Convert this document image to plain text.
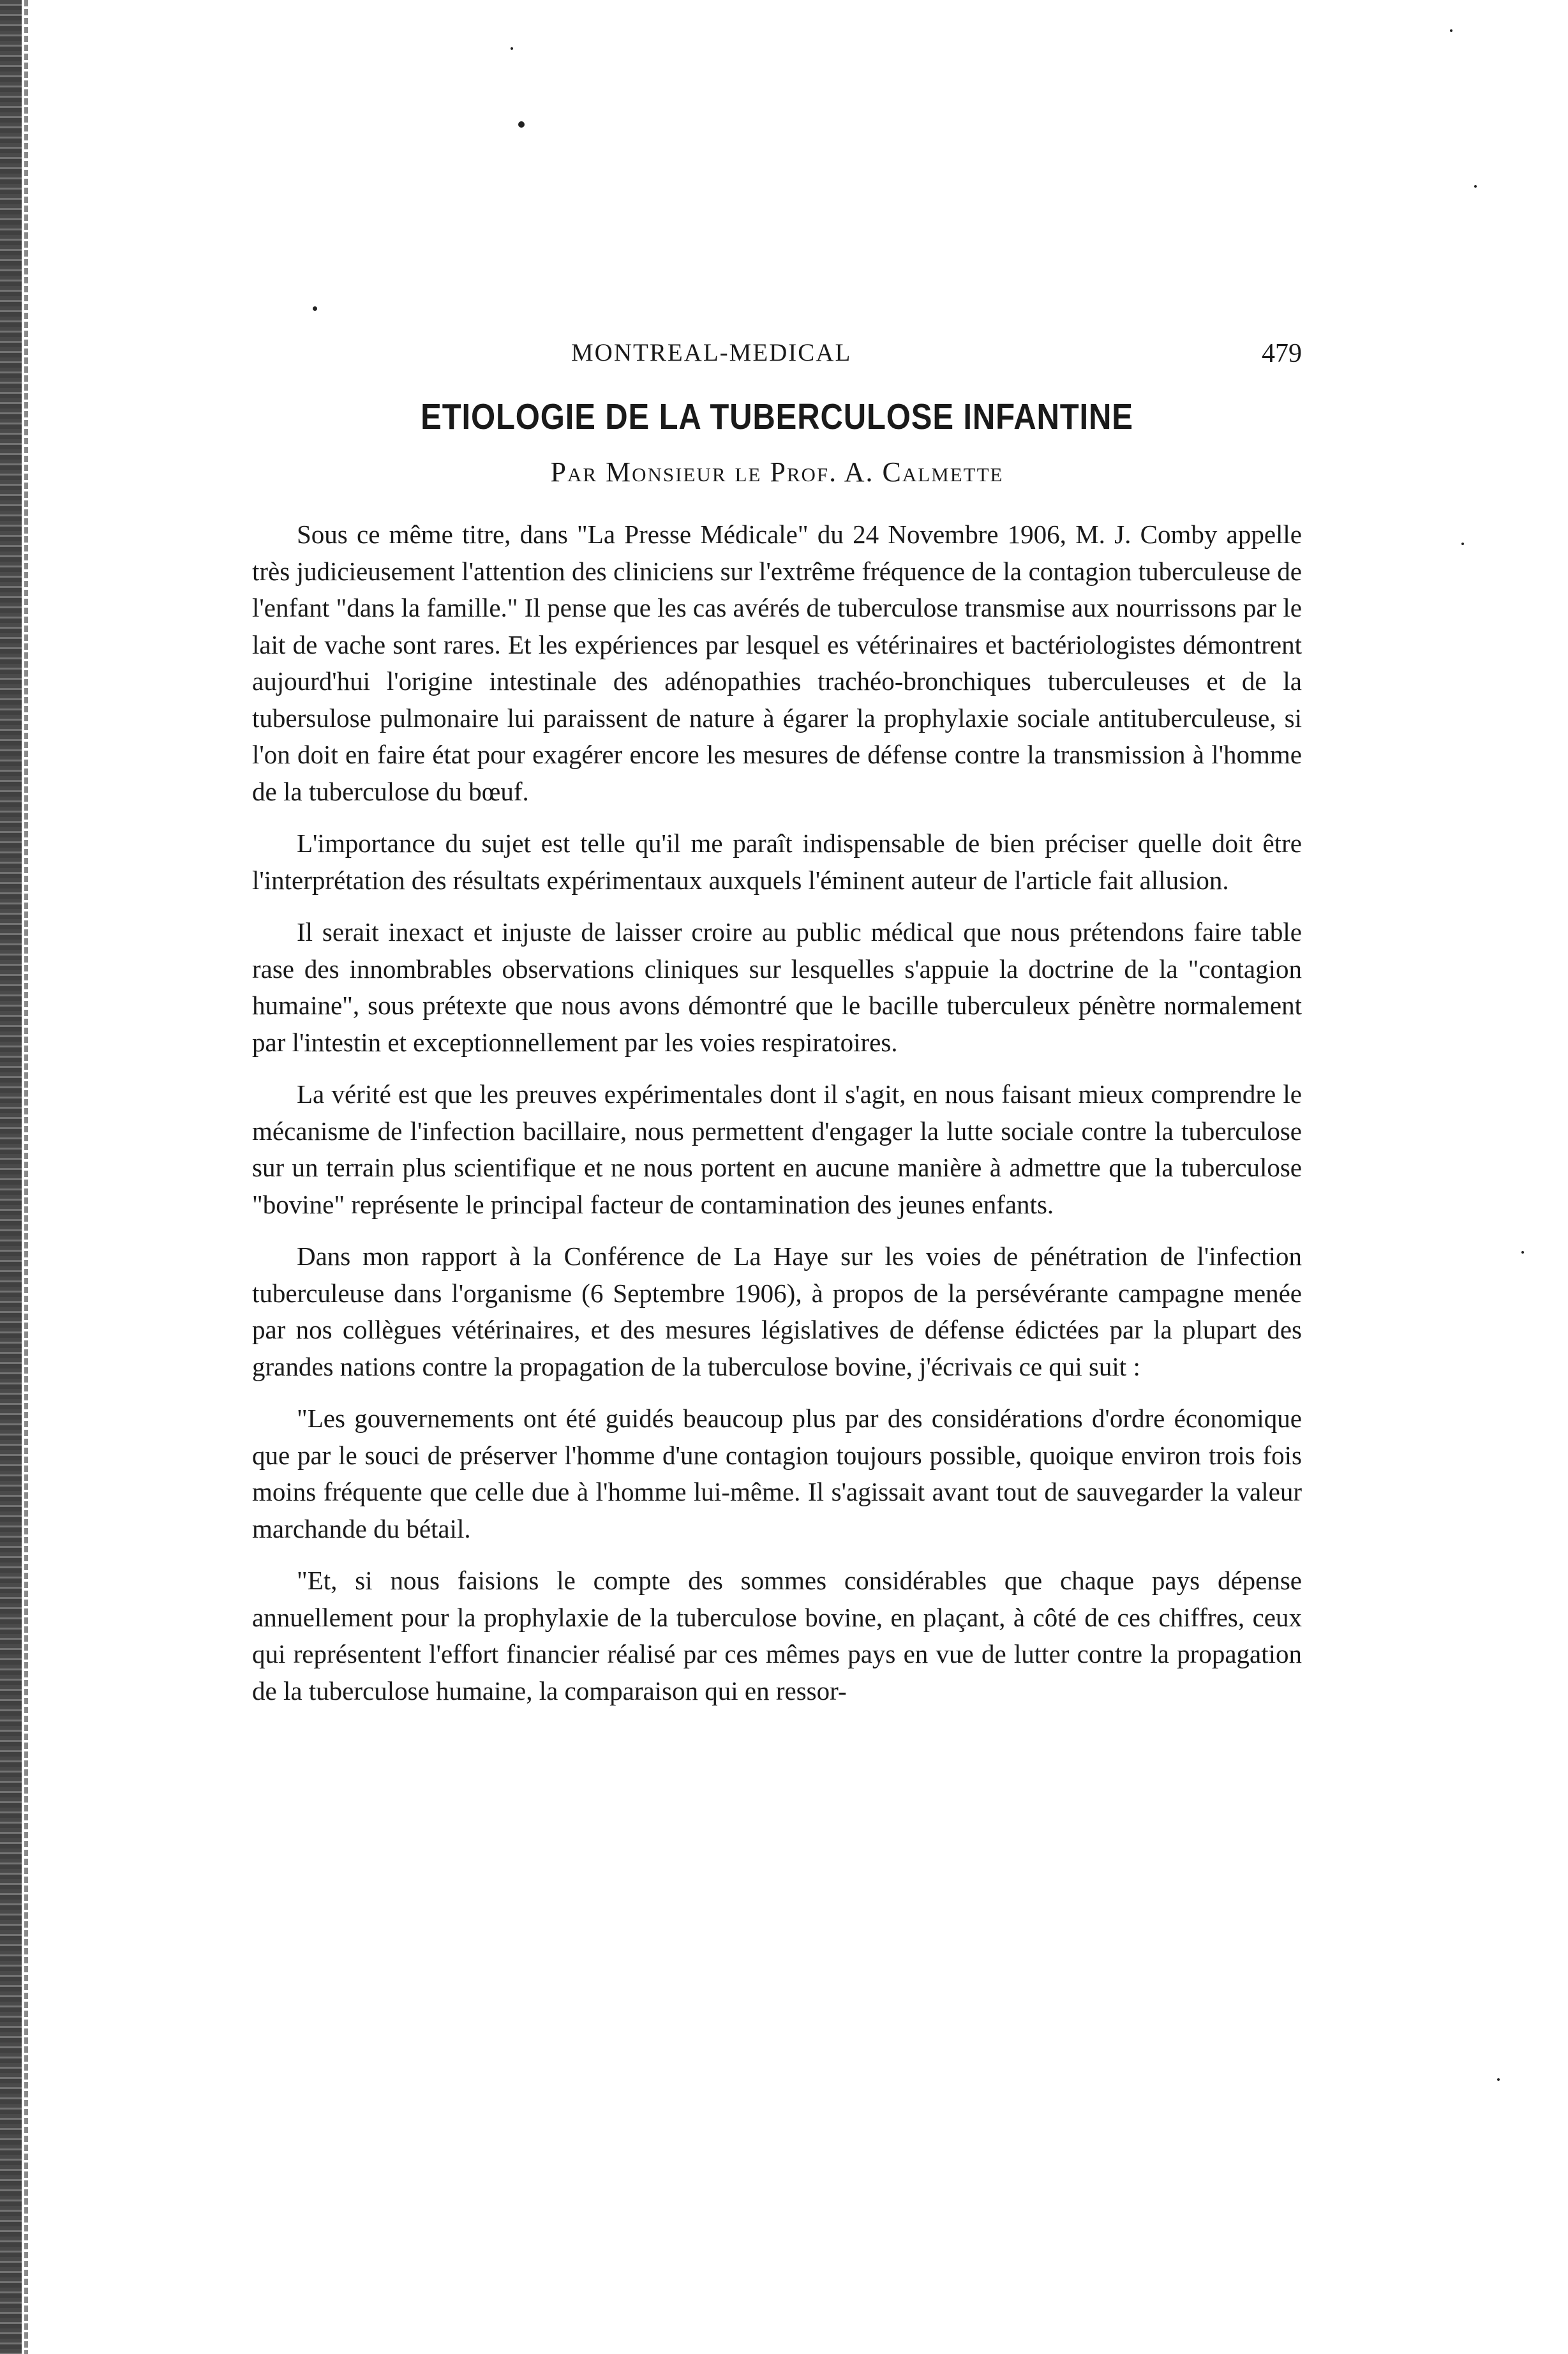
MONTREAL-MEDICAL	479
ETIOLOGIE DE LA TUBERCULOSE INFANTINE
Par Monsieur le Prof. A. Calmette

Sous ce même titre, dans "La Presse Médicale" du 24 Novembre 1906, M. J. Comby appelle très judicieusement l'attention des cliniciens sur l'extrême fréquence de la contagion tuberculeuse de l'enfant "dans la famille." Il pense que les cas avérés de tuberculose transmise aux nourrissons par le lait de vache sont rares. Et les expériences par lesquel es vétérinaires et bactériologistes démontrent aujourd'hui l'origine intestinale des adénopathies trachéo-bronchiques tuberculeuses et de la tubersulose pulmonaire lui paraissent de nature à égarer la prophylaxie sociale antituberculeuse, si l'on doit en faire état pour exagérer encore les mesures de défense contre la transmission à l'homme de la tuberculose du bœuf.

L'importance du sujet est telle qu'il me paraît indispensable de bien préciser quelle doit être l'interprétation des résultats expérimentaux auxquels l'éminent auteur de l'article fait allusion.

Il serait inexact et injuste de laisser croire au public médical que nous prétendons faire table rase des innombrables observations cliniques sur lesquelles s'appuie la doctrine de la "contagion humaine", sous prétexte que nous avons démontré que le bacille tuberculeux pénètre normalement par l'intestin et exceptionnellement par les voies respiratoires.

La vérité est que les preuves expérimentales dont il s'agit, en nous faisant mieux comprendre le mécanisme de l'infection bacillaire, nous permettent d'engager la lutte sociale contre la tuberculose sur un terrain plus scientifique et ne nous portent en aucune manière à admettre que la tuberculose "bovine" représente le principal facteur de contamination des jeunes enfants.

Dans mon rapport à la Conférence de La Haye sur les voies de pénétration de l'infection tuberculeuse dans l'organisme (6 Septembre 1906), à propos de la persévérante campagne menée par nos collègues vétérinaires, et des mesures législatives de défense édictées par la plupart des grandes nations contre la propagation de la tuberculose bovine, j'écrivais ce qui suit :

"Les gouvernements ont été guidés beaucoup plus par des considérations d'ordre économique que par le souci de préserver l'homme d'une contagion toujours possible, quoique environ trois fois moins fréquente que celle due à l'homme lui-même. Il s'agissait avant tout de sauvegarder la valeur marchande du bétail.

"Et, si nous faisions le compte des sommes considérables que chaque pays dépense annuellement pour la prophylaxie de la tuberculose bovine, en plaçant, à côté de ces chiffres, ceux qui représentent l'effort financier réalisé par ces mêmes pays en vue de lutter contre la propagation de la tuberculose humaine, la comparaison qui en ressor-
